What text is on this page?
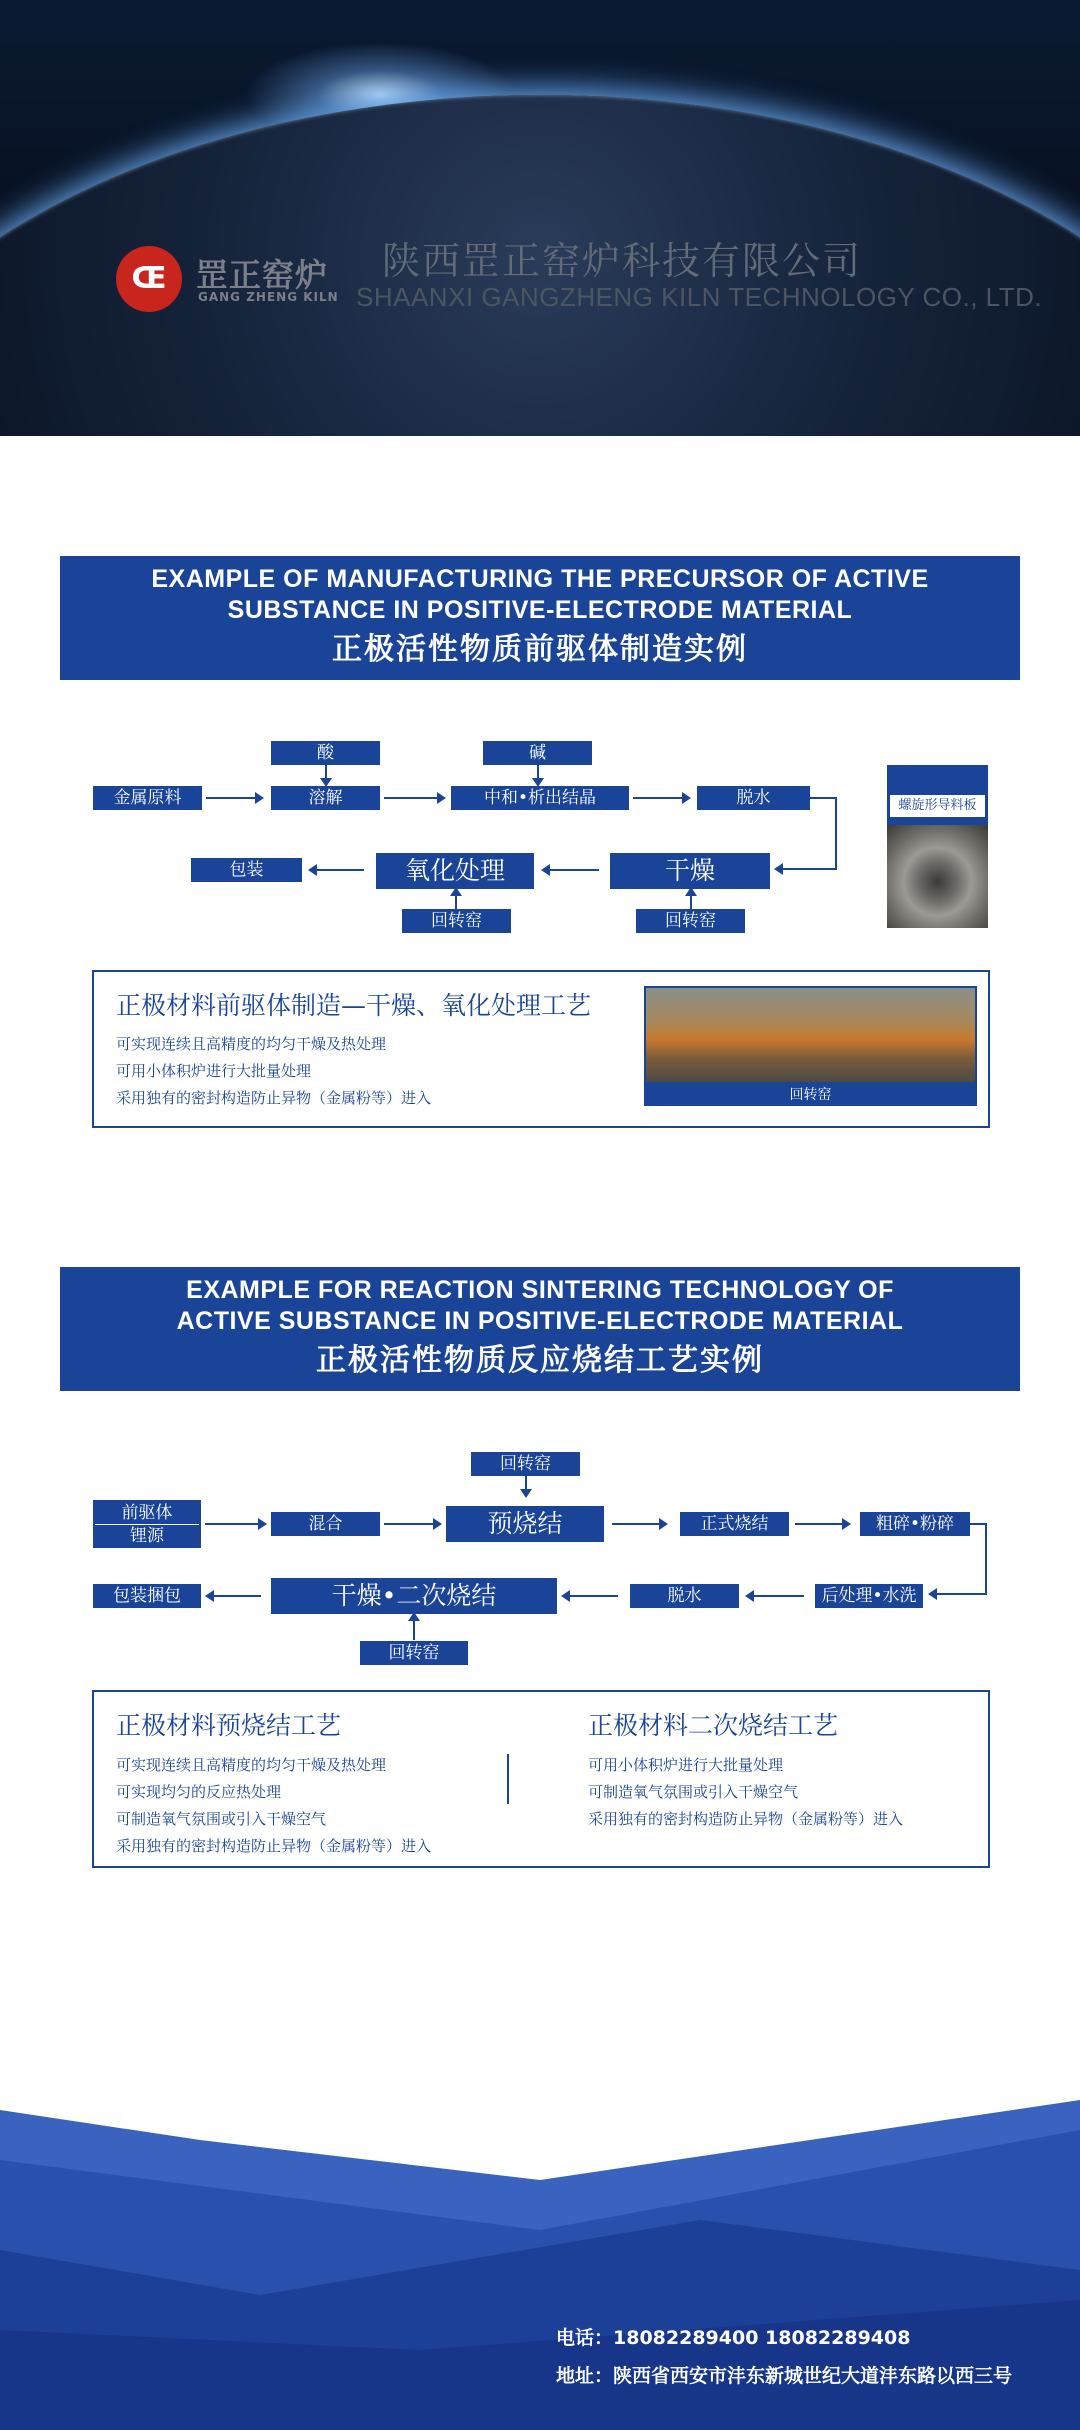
Œ 罡正窑炉
GANG ZHENG KILN
陕西罡正窑炉科技有限公司
SHAANXI GANGZHENG KILN TECHNOLOGY CO., LTD.
EXAMPLE OF MANUFACTURING THE PRECURSOR OF ACTIVE
SUBSTANCE IN POSITIVE-ELECTRODE MATERIAL
正极活性物质前驱体制造实例
酸	碱
金属原料	溶解	中和•析出结晶	脱水
包装	氧化处理	干燥
回转窑	回转窑
螺旋形导料板
正极材料前驱体制造—干燥、氧化处理工艺
可实现连续且高精度的均匀干燥及热处理
可用小体积炉进行大批量处理
采用独有的密封构造防止异物（金属粉等）进入	回转窑
EXAMPLE FOR REACTION SINTERING TECHNOLOGY OF
ACTIVE SUBSTANCE IN POSITIVE-ELECTRODE MATERIAL
正极活性物质反应烧结工艺实例
回转窑
前驱体
锂源
混合	预烧结	正式烧结	粗碎•粉碎
包装捆包	干燥•二次烧结	脱水	后处理•水洗
回转窑
正极材料预烧结工艺
可实现连续且高精度的均匀干燥及热处理
可实现均匀的反应热处理
可制造氧气氛围或引入干燥空气
采用独有的密封构造防止异物（金属粉等）进入
正极材料二次烧结工艺
可用小体积炉进行大批量处理
可制造氧气氛围或引入干燥空气
采用独有的密封构造防止异物（金属粉等）进入
电话：18082289400 18082289408
地址：陕西省西安市沣东新城世纪大道沣东路以西三号
